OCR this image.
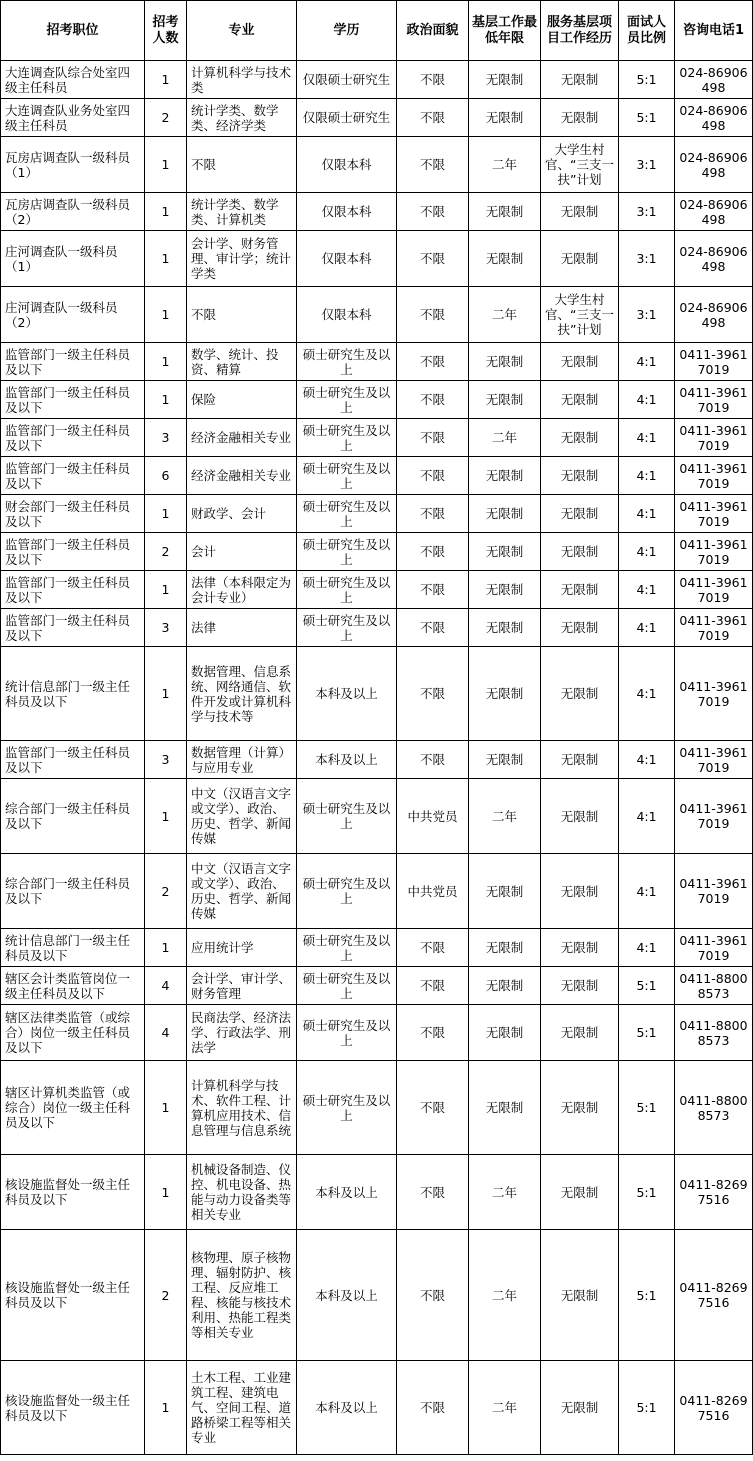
招考职位	招考人数	专业	学历	政治面貌	基层工作最低年限	服务基层项目工作经历	面试人员比例	咨询电话1
大连调查队综合处室四级主任科员	1	计算机科学与技术类	仅限硕士研究生	不限	无限制	无限制	5:1	024-86906498
大连调查队业务处室四级主任科员	2	统计学类、数学类、经济学类	仅限硕士研究生	不限	无限制	无限制	5:1	024-86906498
瓦房店调查队一级科员（1）	1	不限	仅限本科	不限	二年	大学生村官、“三支一扶”计划	3:1	024-86906498
瓦房店调查队一级科员（2）	1	统计学类、数学类、计算机类	仅限本科	不限	无限制	无限制	3:1	024-86906498
庄河调查队一级科员（1）	1	会计学、财务管理、审计学；统计学类	仅限本科	不限	无限制	无限制	3:1	024-86906498
庄河调查队一级科员（2）	1	不限	仅限本科	不限	二年	大学生村官、“三支一扶”计划	3:1	024-86906498
监管部门一级主任科员及以下	1	数学、统计、投资、精算	硕士研究生及以上	不限	无限制	无限制	4:1	0411-39617019
监管部门一级主任科员及以下	1	保险	硕士研究生及以上	不限	无限制	无限制	4:1	0411-39617019
监管部门一级主任科员及以下	3	经济金融相关专业	硕士研究生及以上	不限	二年	无限制	4:1	0411-39617019
监管部门一级主任科员及以下	6	经济金融相关专业	硕士研究生及以上	不限	无限制	无限制	4:1	0411-39617019
财会部门一级主任科员及以下	1	财政学、会计	硕士研究生及以上	不限	无限制	无限制	4:1	0411-39617019
监管部门一级主任科员及以下	2	会计	硕士研究生及以上	不限	无限制	无限制	4:1	0411-39617019
监管部门一级主任科员及以下	1	法律（本科限定为会计专业）	硕士研究生及以上	不限	无限制	无限制	4:1	0411-39617019
监管部门一级主任科员及以下	3	法律	硕士研究生及以上	不限	无限制	无限制	4:1	0411-39617019
统计信息部门一级主任科员及以下	1	数据管理、信息系统、网络通信、软件开发或计算机科学与技术等	本科及以上	不限	无限制	无限制	4:1	0411-39617019
监管部门一级主任科员及以下	3	数据管理（计算）与应用专业	本科及以上	不限	无限制	无限制	4:1	0411-39617019
综合部门一级主任科员及以下	1	中文（汉语言文字或文学）、政治、历史、哲学、新闻传媒	硕士研究生及以上	中共党员	二年	无限制	4:1	0411-39617019
综合部门一级主任科员及以下	2	中文（汉语言文字或文学）、政治、历史、哲学、新闻传媒	硕士研究生及以上	中共党员	无限制	无限制	4:1	0411-39617019
统计信息部门一级主任科员及以下	1	应用统计学	硕士研究生及以上	不限	无限制	无限制	4:1	0411-39617019
辖区会计类监管岗位一级主任科员及以下	4	会计学、审计学、财务管理	硕士研究生及以上	不限	无限制	无限制	5:1	0411-88008573
辖区法律类监管（或综合）岗位一级主任科员及以下	4	民商法学、经济法学、行政法学、刑法学	硕士研究生及以上	不限	无限制	无限制	5:1	0411-88008573
辖区计算机类监管（或综合）岗位一级主任科员及以下	1	计算机科学与技术、软件工程、计算机应用技术、信息管理与信息系统	硕士研究生及以上	不限	无限制	无限制	5:1	0411-88008573
核设施监督处一级主任科员及以下	1	机械设备制造、仪控、机电设备、热能与动力设备类等相关专业	本科及以上	不限	二年	无限制	5:1	0411-82697516
核设施监督处一级主任科员及以下	2	核物理、原子核物理、辐射防护、核工程、反应堆工程、核能与核技术利用、热能工程类等相关专业	本科及以上	不限	二年	无限制	5:1	0411-82697516
核设施监督处一级主任科员及以下	1	土木工程、工业建筑工程、建筑电气、空间工程、道路桥梁工程等相关专业	本科及以上	不限	二年	无限制	5:1	0411-82697516
